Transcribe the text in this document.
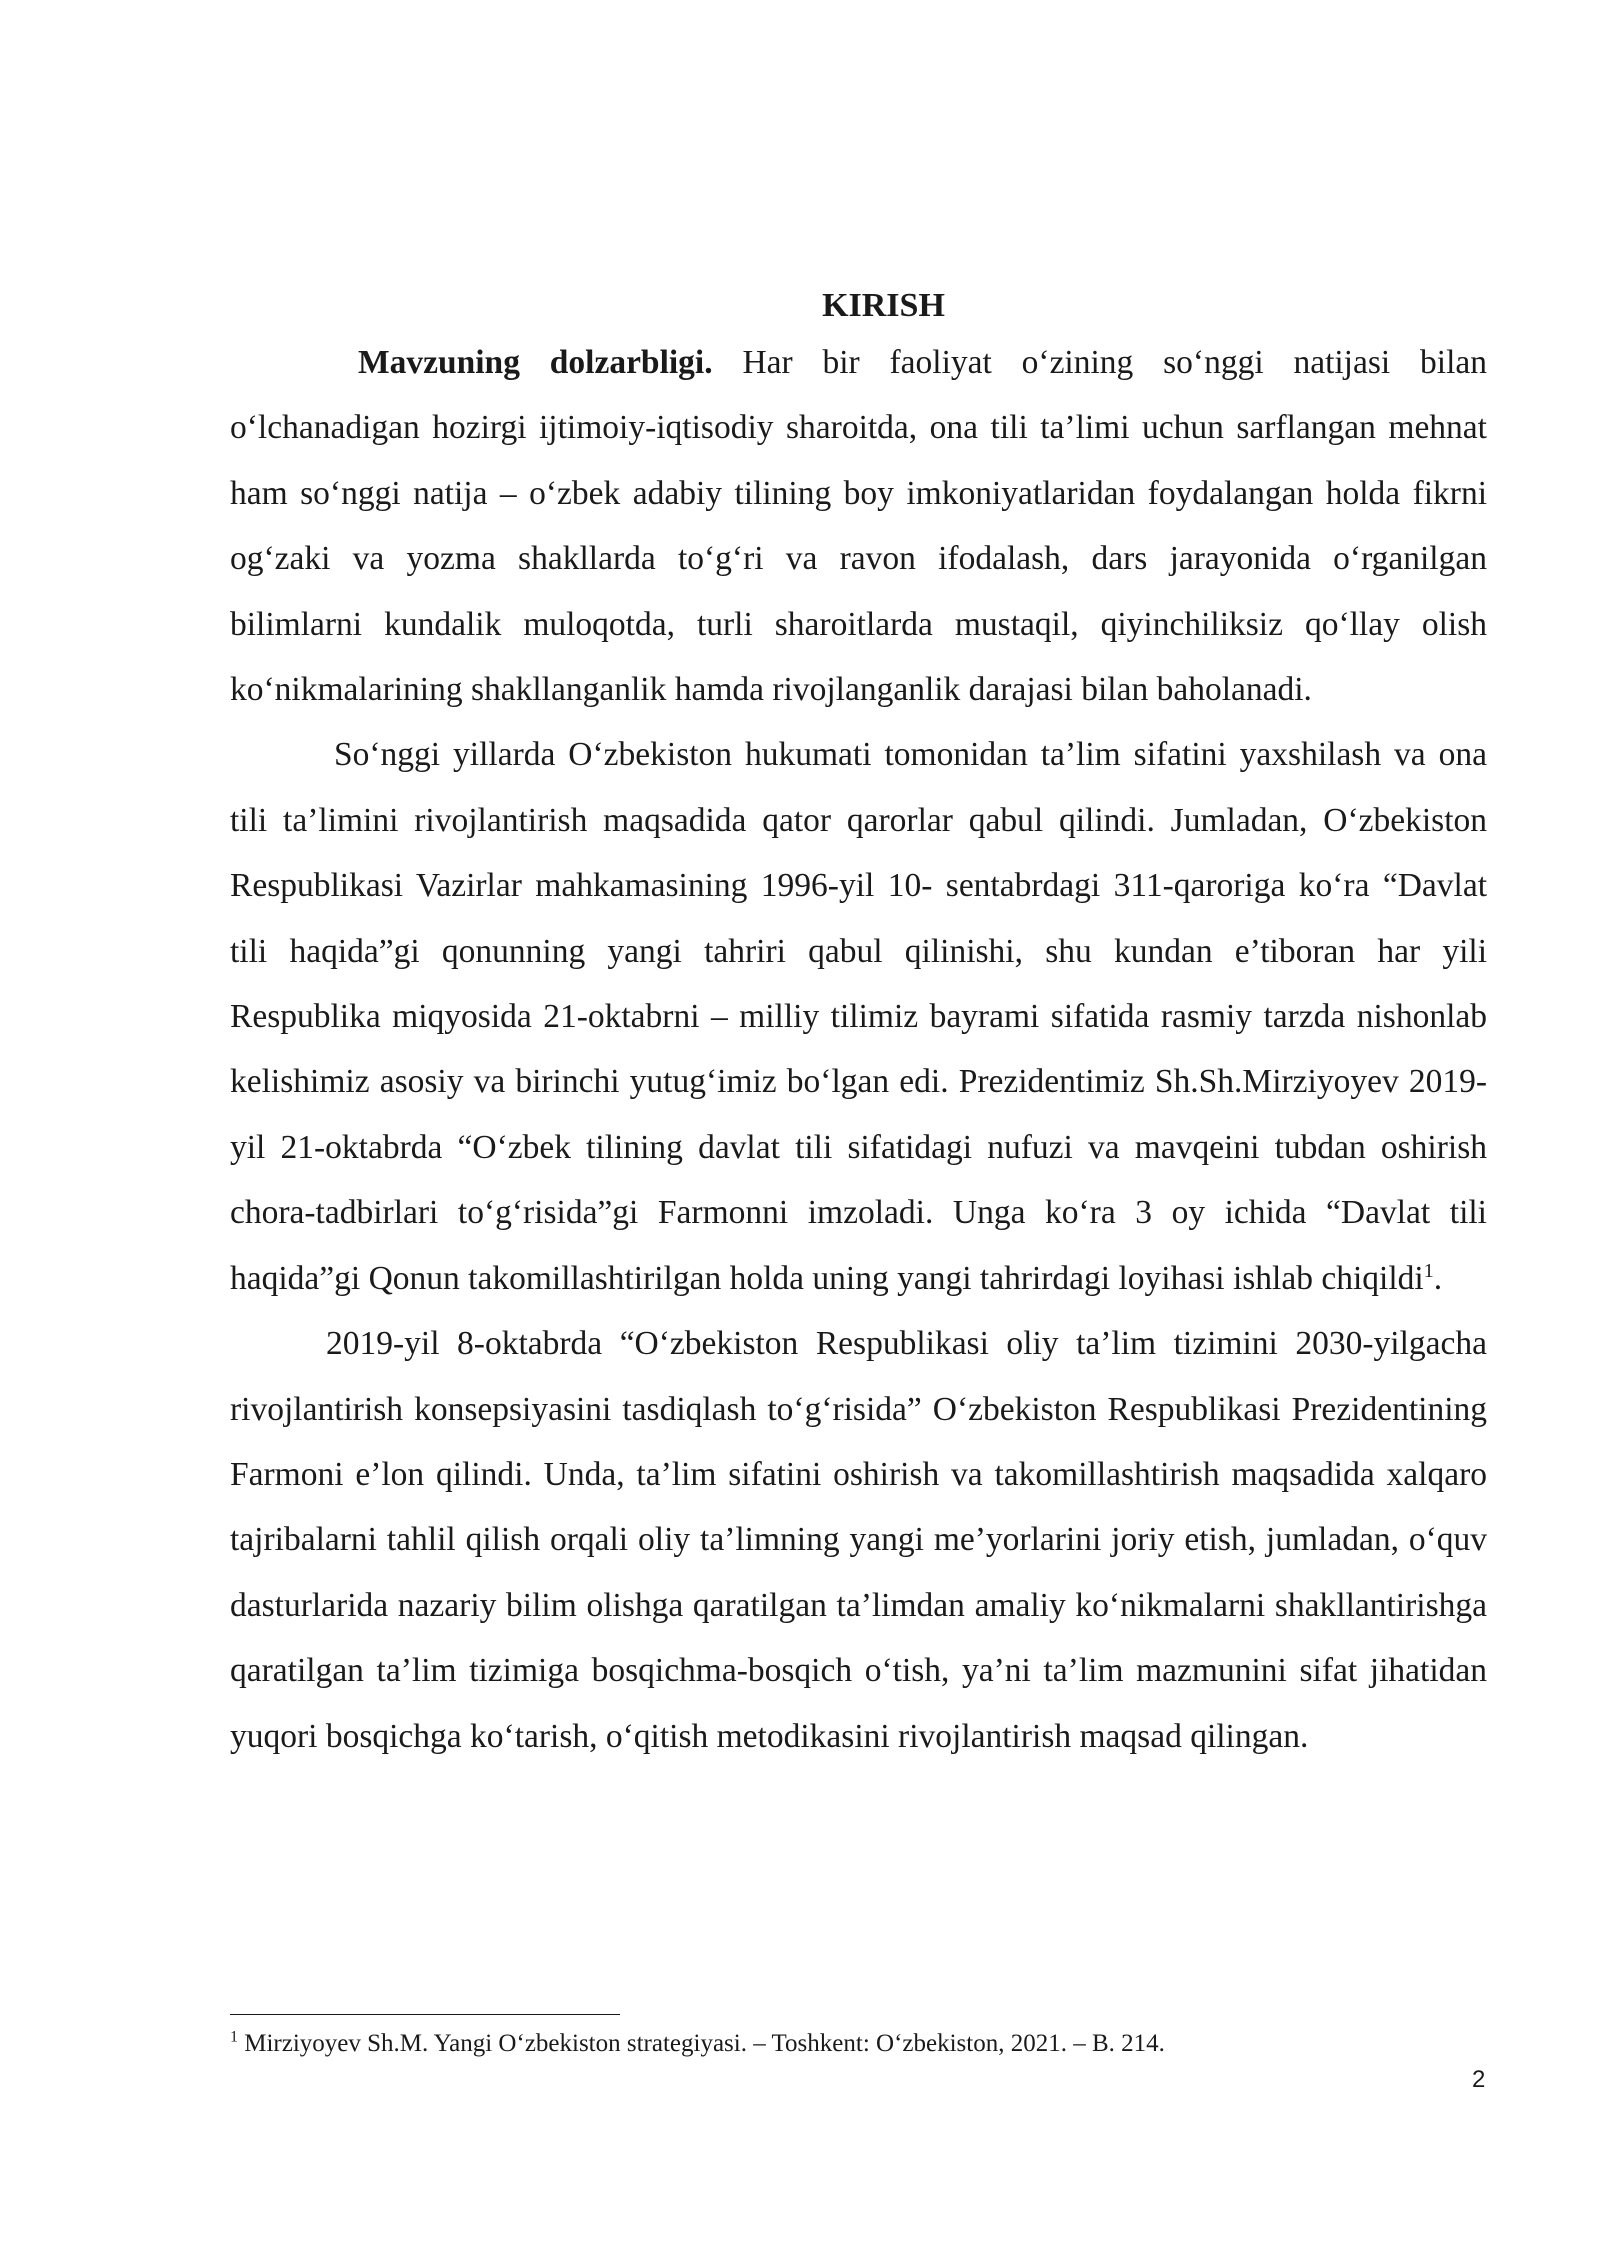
KIRISH

Mavzuning dolzarbligi. Har bir faoliyat o‘zining so‘nggi natijasi bilan o‘lchanadigan hozirgi ijtimoiy-iqtisodiy sharoitda, ona tili ta’limi uchun sarflangan mehnat ham so‘nggi natija – o‘zbek adabiy tilining boy imkoniyatlaridan foydalangan holda fikrni og‘zaki va yozma shakllarda to‘g‘ri va ravon ifodalash, dars jarayonida o‘rganilgan bilimlarni kundalik muloqotda, turli sharoitlarda mustaqil, qiyinchiliksiz qo‘llay olish ko‘nikmalarining shakllanganlik hamda rivojlanganlik darajasi bilan baholanadi.

So‘nggi yillarda O‘zbekiston hukumati tomonidan ta’lim sifatini yaxshilash va ona tili ta’limini rivojlantirish maqsadida qator qarorlar qabul qilindi. Jumladan, O‘zbekiston Respublikasi Vazirlar mahkamasining 1996-yil 10- sentabrdagi 311-qaroriga ko‘ra “Davlat tili haqida”gi qonunning yangi tahriri qabul qilinishi, shu kundan e’tiboran har yili Respublika miqyosida 21-oktabrni – milliy tilimiz bayrami sifatida rasmiy tarzda nishonlab kelishimiz asosiy va birinchi yutug‘imiz bo‘lgan edi. Prezidentimiz Sh.Sh.Mirziyoyev 2019-yil 21-oktabrda “O‘zbek tilining davlat tili sifatidagi nufuzi va mavqeini tubdan oshirish chora-tadbirlari to‘g‘risida”gi Farmonni imzoladi. Unga ko‘ra 3 oy ichida “Davlat tili haqida”gi Qonun takomillashtirilgan holda uning yangi tahrirdagi loyihasi ishlab chiqildi$^1$.

2019-yil 8-oktabrda “O‘zbekiston Respublikasi oliy ta’lim tizimini 2030-yilgacha rivojlantirish konsepsiyasini tasdiqlash to‘g‘risida” O‘zbekiston Respublikasi Prezidentining Farmoni e’lon qilindi. Unda, ta’lim sifatini oshirish va takomillashtirish maqsadida xalqaro tajribalarni tahlil qilish orqali oliy ta’limning yangi me’yorlarini joriy etish, jumladan, o‘quv dasturlarida nazariy bilim olishga qaratilgan ta’limdan amaliy ko‘nikmalarni shakllantirishga qaratilgan ta’lim tizimiga bosqichma-bosqich o‘tish, ya’ni ta’lim mazmunini sifat jihatidan yuqori bosqichga ko‘tarish, o‘qitish metodikasini rivojlantirish maqsad qilingan.

$^1$ Mirziyoyev Sh.M. Yangi O‘zbekiston strategiyasi. – Toshkent: O‘zbekiston, 2021. – B. 214.
2
